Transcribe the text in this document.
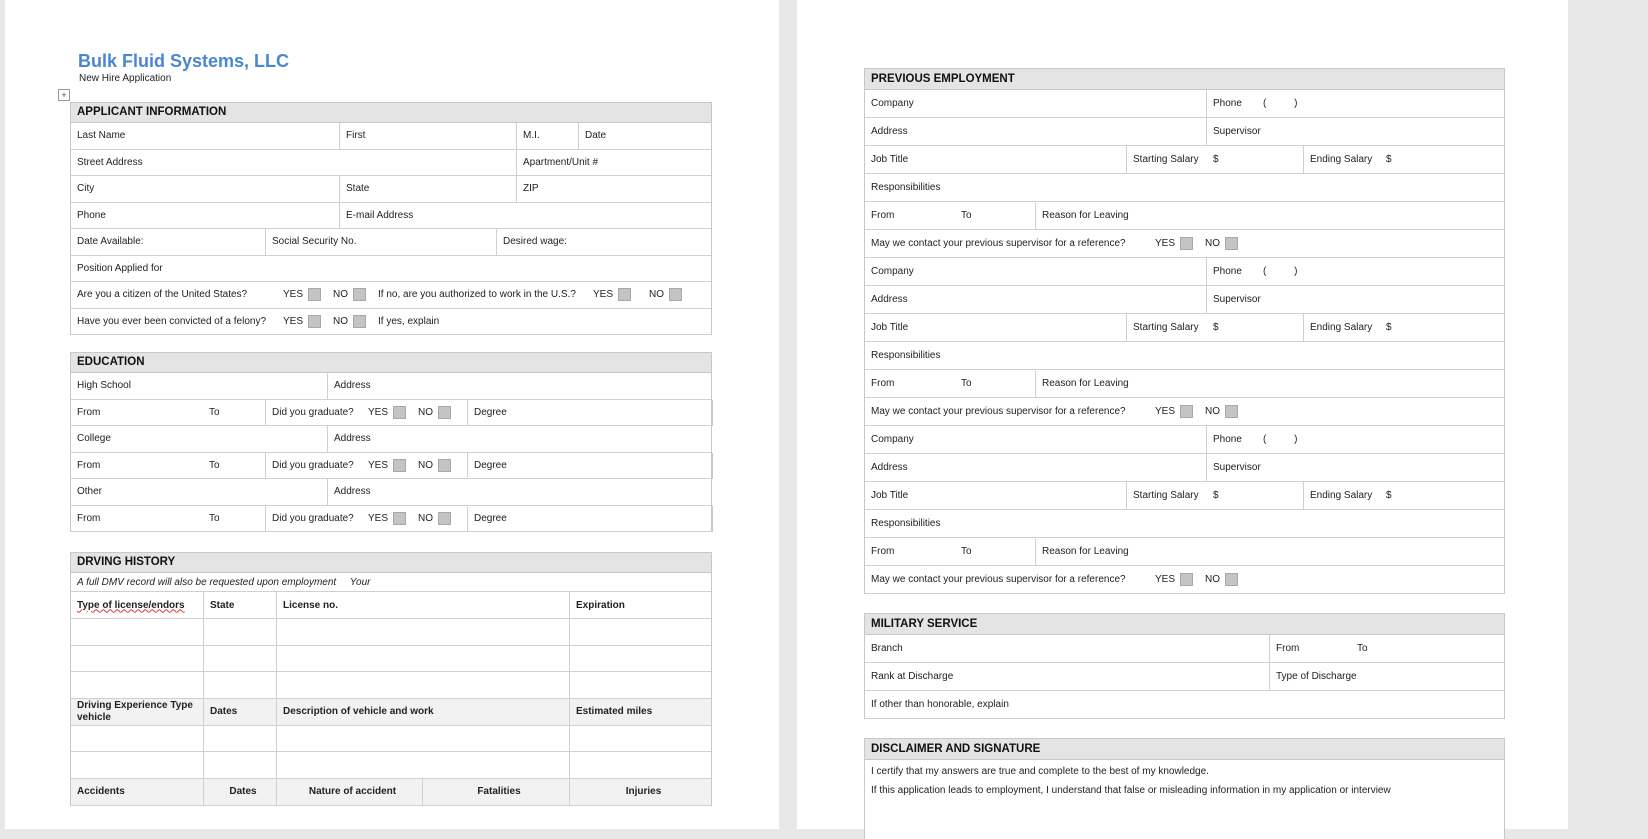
Bulk Fluid Systems, LLC
New Hire Application
+
APPLICANT INFORMATION
Last Name	First	M.I.	Date
Street Address	Apartment/Unit #
City	State	ZIP
Phone	E-mail Address
Date Available:	Social Security No.	Desired wage:
Position Applied for
Are you a citizen of the United States?	YES	NO	If no, are you authorized to work in the U.S.?	YES	NO
Have you ever been convicted of a felony?	YES	NO	If yes, explain
EDUCATION
High School	Address
From	To	Did you graduate?	YES	NO	Degree
College	Address
From	To	Did you graduate?	YES	NO	Degree
Other	Address
From	To	Did you graduate?	YES	NO	Degree
DRVING HISTORY
A full DMV record will also be requested upon employment     Your
Type of license/endors	State	License no.	Expiration
Driving Experience Type vehicle	Dates	Description of vehicle and work	Estimated miles
Accidents	Dates	Nature of accident	Fatalities	Injuries
PREVIOUS EMPLOYMENT
Company	Phone	(          )
Address	Supervisor
Job Title	Starting Salary	$	Ending Salary	$
Responsibilities
From	To	Reason for Leaving
May we contact your previous supervisor for a reference?	YES	NO
Company	Phone	(          )
Address	Supervisor
Job Title	Starting Salary	$	Ending Salary	$
Responsibilities
From	To	Reason for Leaving
May we contact your previous supervisor for a reference?	YES	NO
Company	Phone	(          )
Address	Supervisor
Job Title	Starting Salary	$	Ending Salary	$
Responsibilities
From	To	Reason for Leaving
May we contact your previous supervisor for a reference?	YES	NO
MILITARY SERVICE
Branch	From	To
Rank at Discharge	Type of Discharge
If other than honorable, explain
DISCLAIMER AND SIGNATURE
I certify that my answers are true and complete to the best of my knowledge.
If this application leads to employment, I understand that false or misleading information in my application or interview
